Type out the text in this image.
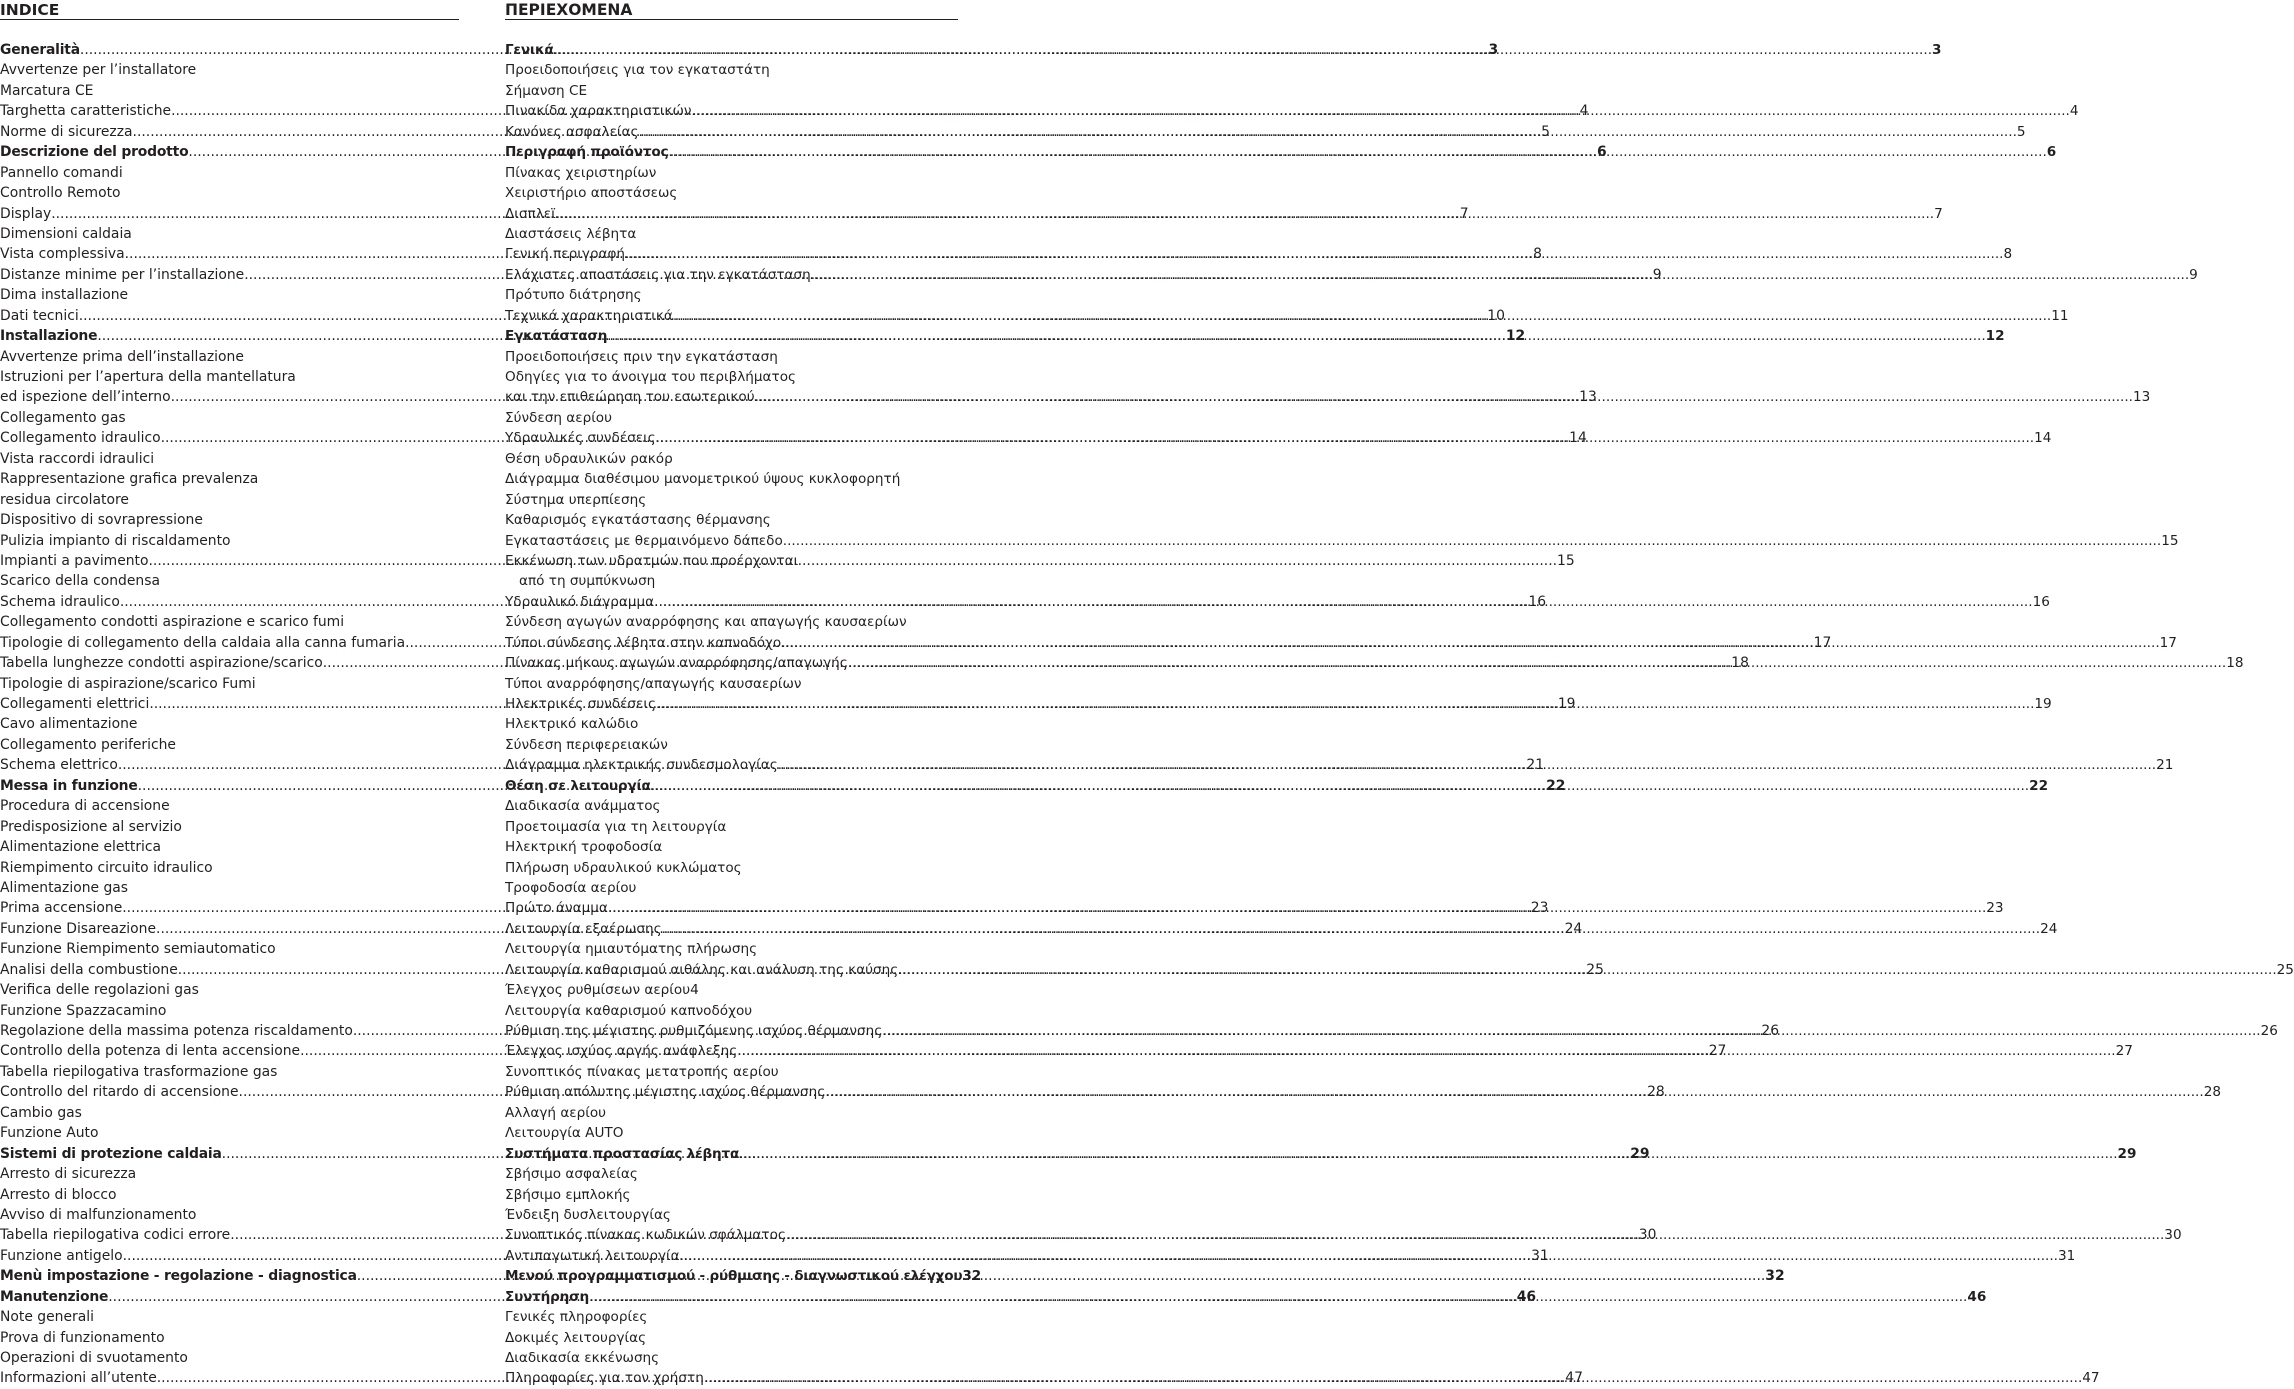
INDICE
Generalità .....	3
Avvertenze per l’installatore
Marcatura CE
Targhetta caratteristiche .....	4
Norme di sicurezza .....	5
Descrizione del prodotto .....	6
Pannello comandi
Controllo Remoto
Display .....	7
Dimensioni caldaia
Vista complessiva .....	8
Distanze minime per l’installazione .....	9
Dima installazione
Dati tecnici .....	10
Installazione .....	12
Avvertenze prima dell’installazione
Istruzioni per l’apertura della mantellatura
ed ispezione dell’interno .....	13
Collegamento gas
Collegamento idraulico .....	14
Vista raccordi idraulici
Rappresentazione grafica prevalenza
residua circolatore
Dispositivo di sovrapressione
Pulizia impianto di riscaldamento
Impianti a pavimento .....	15
Scarico della condensa
Schema idraulico .....	16
Collegamento condotti aspirazione e scarico fumi
Tipologie di collegamento della caldaia alla canna fumaria .....	17
Tabella lunghezze condotti aspirazione/scarico .....	18
Tipologie di aspirazione/scarico Fumi
Collegamenti elettrici .....	19
Cavo alimentazione
Collegamento periferiche
Schema elettrico .....	21
Messa in funzione .....	22
Procedura di accensione
Predisposizione al servizio
Alimentazione elettrica
Riempimento circuito idraulico
Alimentazione gas
Prima accensione .....	23
Funzione Disareazione .....	24
Funzione Riempimento semiautomatico
Analisi della combustione .....	25
Verifica delle regolazioni gas
Funzione Spazzacamino
Regolazione della massima potenza riscaldamento .....	26
Controllo della potenza di lenta accensione .....	27
Tabella riepilogativa trasformazione gas
Controllo del ritardo di accensione .....	28
Cambio gas
Funzione Auto
Sistemi di protezione caldaia .....	29
Arresto di sicurezza
Arresto di blocco
Avviso di malfunzionamento
Tabella riepilogativa codici errore .....	30
Funzione antigelo .....	31
Menù impostazione - regolazione - diagnostica .....	32
Manutenzione .....	46
Note generali
Prova di funzionamento
Operazioni di svuotamento
Informazioni all’utente .....	47
ΠΕΡΙΕΧΟΜΕΝΑ
Γενικά .....	3
Προειδοποιήσεις για τον εγκαταστάτη
Σήμανση CE
Πινακίδα χαρακτηριστικών .....	4
Κανόνες ασφαλείας .....	5
Περιγραφή προϊόντος .....	6
Πίνακας χειριστηρίων
Χειριστήριο αποστάσεως
Δισπλεϊ .....	7
Διαστάσεις λέβητα
Γενική περιγραφή .....	8
Ελάχιστες αποστάσεις για την εγκατάσταση .....	9
Πρότυπο διάτρησης
Τεχνικά χαρακτηριστικά .....	11
Εγκατάσταση .....	12
Προειδοποιήσεις πριν την εγκατάσταση
Οδηγίες για το άνοιγμα του περιβλήματος
και την επιθεώρηση του εσωτερικού .....	13
Σύνδεση αερίου
Υδραυλικές συνδέσεις .....	14
Θέση υδραυλικών ρακόρ
Διάγραμμα διαθέσιμου μανομετρικού ύψους κυκλοφορητή
Σύστημα υπερπίεσης
Καθαρισμός εγκατάστασης θέρμανσης
Εγκαταστάσεις με θερμαινόμενο δάπεδο .....	15
Εκκένωση των υδρατμών που προέρχονται
από τη συμπύκνωση
Υδραυλικό διάγραμμα .....	16
Σύνδεση αγωγών αναρρόφησης και απαγωγής καυσαερίων
Τύποι σύνδεσης λέβητα στην καπνοδόχο .....	17
Πίνακας μήκους αγωγών αναρρόφησης/απαγωγής .....	18
Τύποι αναρρόφησης/απαγωγής καυσαερίων
Ηλεκτρικές συνδέσεις .....	19
Ηλεκτρικό καλώδιο
Σύνδεση περιφερειακών
Διάγραμμα ηλεκτρικής συνδεσμολογίας .....	21
Θέση σε λειτουργία .....	22
Διαδικασία ανάμματος
Προετοιμασία για τη λειτουργία
Ηλεκτρική τροφοδοσία
Πλήρωση υδραυλικού κυκλώματος
Τροφοδοσία αερίου
Πρώτο άναμμα .....	23
Λειτουργία εξαέρωσης .....	24
Λειτουργία ημιαυτόματης πλήρωσης
Λειτουργία καθαρισμού αιθάλης και ανάλυση της καύσης .....	25
Έλεγχος ρυθμίσεων αερίου4
Λειτουργία καθαρισμού καπνοδόχου
Ρύθμιση της μέγιστης ρυθμιζόμενης ισχύος θέρμανσης .....	26
Έλεγχος ισχύος αργής ανάφλεξης .....	27
Συνοπτικός πίνακας μετατροπής αερίου
Ρύθμιση απόλυτης μέγιστης ισχύος θέρμανσης .....	28
Αλλαγή αερίου
Λειτουργία AUTO
Συστήματα προστασίας λέβητα .....	29
Σβήσιμο ασφαλείας
Σβήσιμο εμπλοκής
Ένδειξη δυσλειτουργίας
Συνοπτικός πίνακας κωδικών σφάλματος .....	30
Αντιπαγωτική λειτουργία .....	31
Μενού προγραμματισμού - ρύθμισης - διαγνωστικού ελέγχου 32
Συντήρηση .....	46
Γενικές πληροφορίες
Δοκιμές λειτουργίας
Διαδικασία εκκένωσης
Πληροφορίες για τον χρήστη .....	47
